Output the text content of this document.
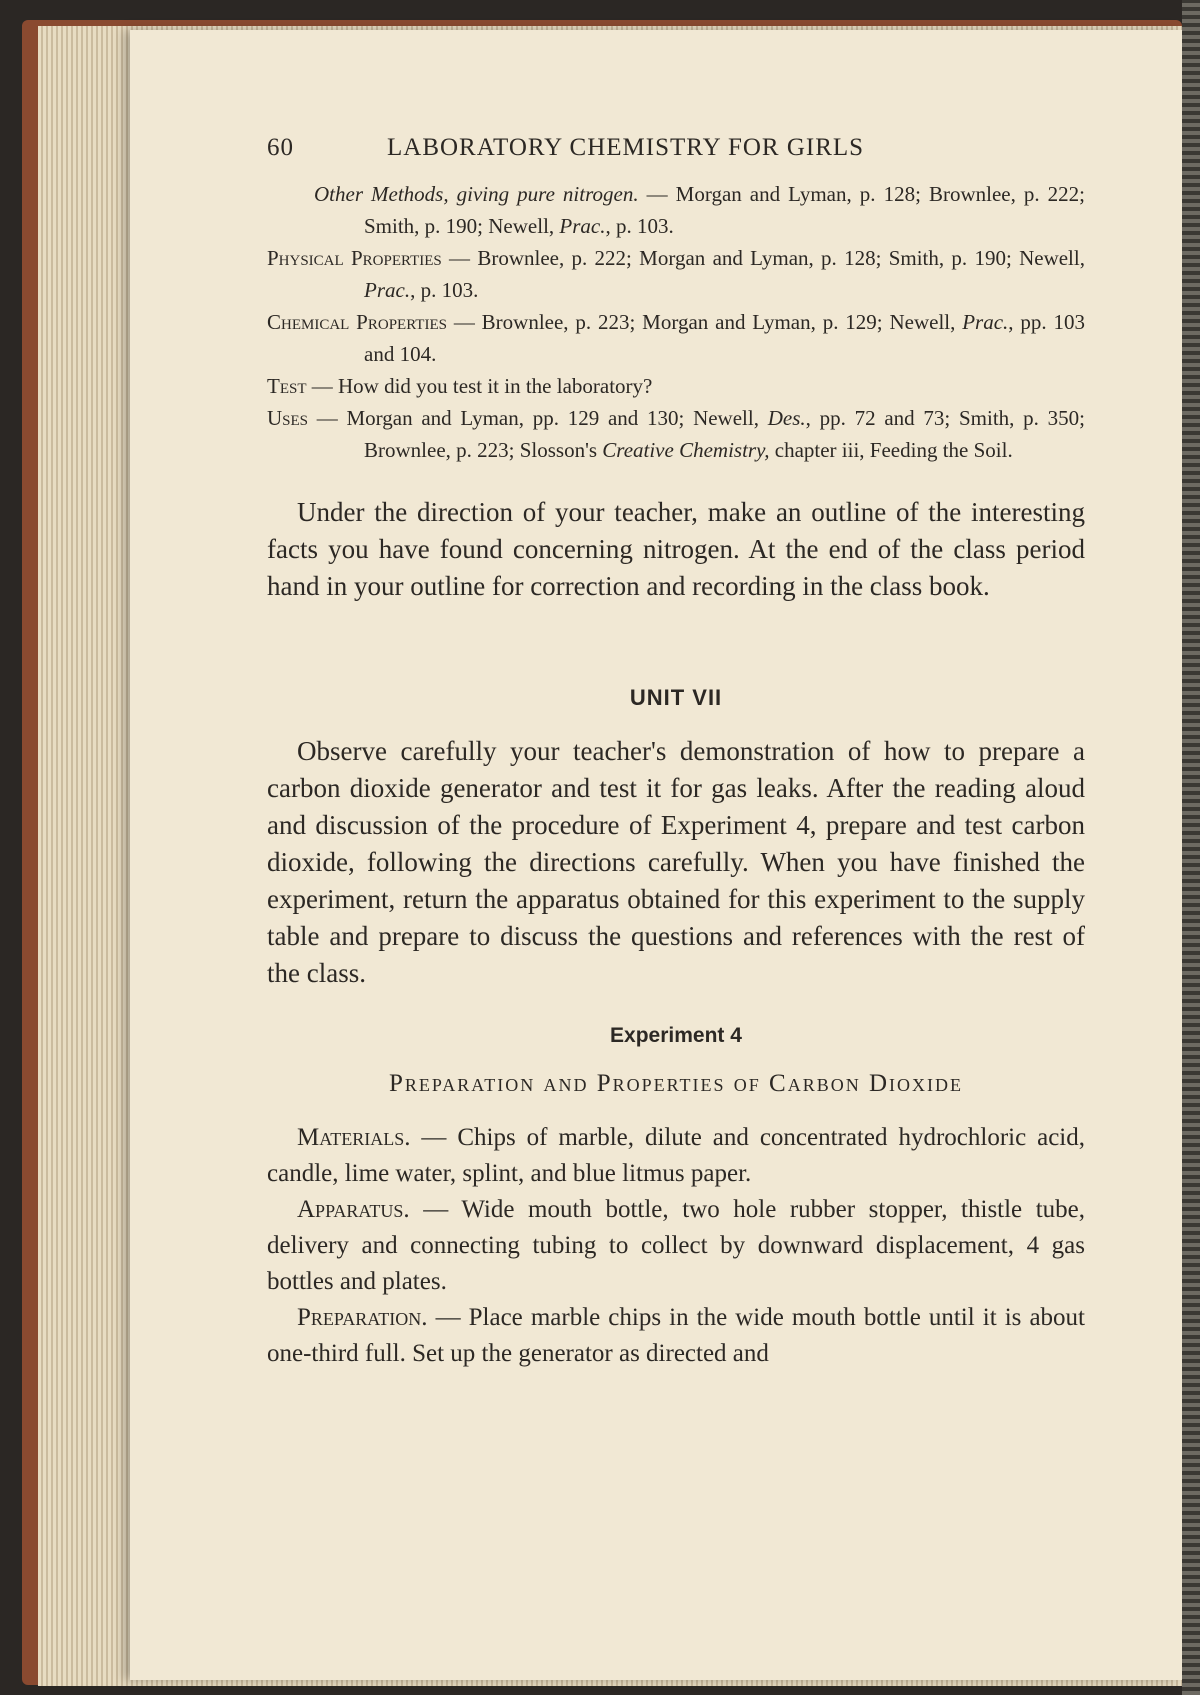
60	LABORATORY CHEMISTRY FOR GIRLS
Other Methods, giving pure nitrogen. — Morgan and Lyman, p. 128; Brownlee, p. 222; Smith, p. 190; Newell, Prac., p. 103.
Physical Properties — Brownlee, p. 222; Morgan and Lyman, p. 128; Smith, p. 190; Newell, Prac., p. 103.
Chemical Properties — Brownlee, p. 223; Morgan and Lyman, p. 129; Newell, Prac., pp. 103 and 104.
Test — How did you test it in the laboratory?
Uses — Morgan and Lyman, pp. 129 and 130; Newell, Des., pp. 72 and 73; Smith, p. 350; Brownlee, p. 223; Slosson's Creative Chemistry, chapter iii, Feeding the Soil.

Under the direction of your teacher, make an outline of the interesting facts you have found concerning nitrogen. At the end of the class period hand in your outline for correction and recording in the class book.

UNIT VII

Observe carefully your teacher's demonstration of how to prepare a carbon dioxide generator and test it for gas leaks. After the reading aloud and discussion of the procedure of Experiment 4, prepare and test carbon dioxide, following the directions carefully. When you have finished the experiment, return the apparatus obtained for this experiment to the supply table and prepare to discuss the questions and references with the rest of the class.

Experiment 4
Preparation and Properties of Carbon Dioxide

Materials. — Chips of marble, dilute and concentrated hydrochloric acid, candle, lime water, splint, and blue litmus paper.

Apparatus. — Wide mouth bottle, two hole rubber stopper, thistle tube, delivery and connecting tubing to collect by downward displacement, 4 gas bottles and plates.

Preparation. — Place marble chips in the wide mouth bottle until it is about one-third full. Set up the generator as directed and
